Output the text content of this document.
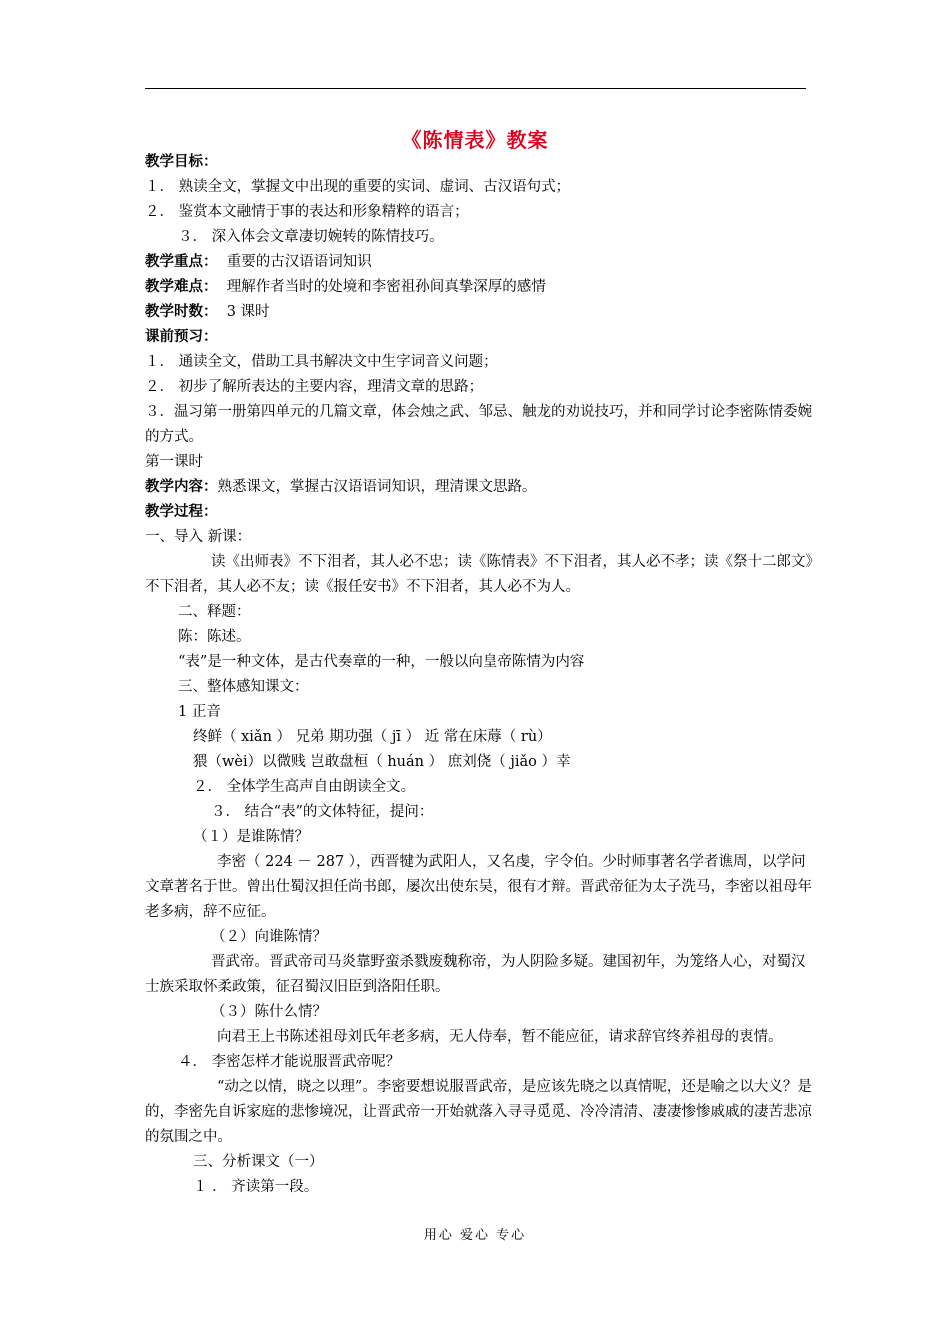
《陈情表》教案
教学目标：
１． 熟读全文，掌握文中出现的重要的实词、虚词、古汉语句式；
２． 鉴赏本文融情于事的表达和形象精粹的语言；
３． 深入体会文章凄切婉转的陈情技巧。
教学重点： 重要的古汉语语词知识
教学难点： 理解作者当时的处境和李密祖孙间真挚深厚的感情
教学时数： 3 课时
课前预习：
１． 通读全文，借助工具书解决文中生字词音义问题；
２． 初步了解所表达的主要内容，理清文章的思路；
３．温习第一册第四单元的几篇文章，体会烛之武、邹忌、触龙的劝说技巧，并和同学讨论李密陈情委婉的方式。
第一课时
教学内容：熟悉课文，掌握古汉语语词知识，理清课文思路。
教学过程：
一、导入 新课：
读《出师表》不下泪者，其人必不忠；读《陈情表》不下泪者，其人必不孝；读《祭十二郎文》不下泪者，其人必不友；读《报任安书》不下泪者，其人必不为人。
二、释题：
陈：陈述。
“表”是一种文体，是古代奏章的一种，一般以向皇帝陈情为内容
三、整体感知课文：
1 正音
终鲜（ xiǎn ） 兄弟 期功强（ jī ） 近 常在床蓐（ rù）
猥（wèi）以微贱 岂敢盘桓（ huán ） 庶刘侥（ jiǎo ）幸
２． 全体学生高声自由朗读全文。
３． 结合“表”的文体特征，提问：
（１）是谁陈情？
李密（ 224 － 287 ），西晋犍为武阳人，又名虔，字令伯。少时师事著名学者谯周，以学问文章著名于世。曾出仕蜀汉担任尚书郎，屡次出使东吴，很有才辩。晋武帝征为太子洗马，李密以祖母年老多病，辞不应征。
（２）向谁陈情？
晋武帝。晋武帝司马炎靠野蛮杀戮废魏称帝，为人阴险多疑。建国初年，为笼络人心，对蜀汉士族采取怀柔政策，征召蜀汉旧臣到洛阳任职。
（３）陈什么情？
向君王上书陈述祖母刘氏年老多病，无人侍奉，暂不能应征，请求辞官终养祖母的衷情。
４． 李密怎样才能说服晋武帝呢？
“动之以情，晓之以理”。李密要想说服晋武帝，是应该先晓之以真情呢，还是喻之以大义？是的，李密先自诉家庭的悲惨境况，让晋武帝一开始就落入寻寻觅觅、冷冷清清、凄凄惨惨戚戚的凄苦悲凉的氛围之中。
三、分析课文（一）
１ ． 齐读第一段。
用心 爱心 专心
